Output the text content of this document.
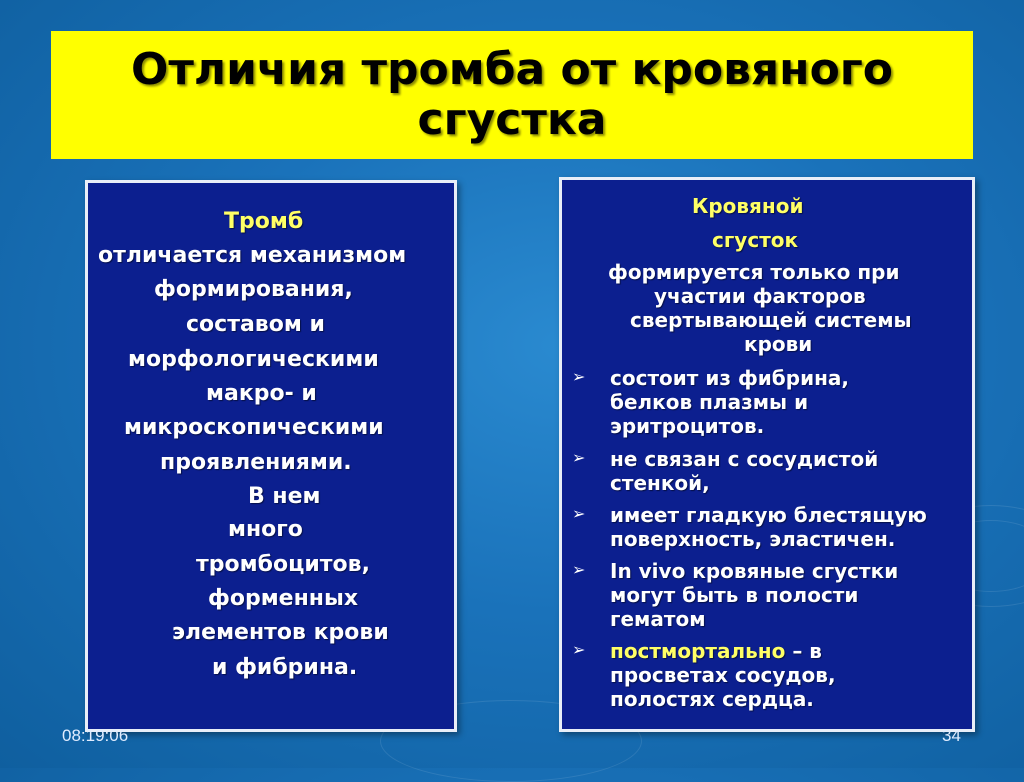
Отличия тромба от кровяного
сгустка
Тромб
отличается механизмом
формирования,
составом и
морфологическими
макро- и
микроскопическими
проявлениями.
В нем
много
тромбоцитов,
форменных
элементов крови
и фибрина.
Кровяной
сгусток
формируется только при
участии факторов
свертывающей системы
крови
➢ состоит из фибрина,
белков плазмы и
эритроцитов.
➢ не связан с сосудистой
стенкой,
➢ имеет гладкую блестящую
поверхность, эластичен.
➢ In vivo кровяные сгустки
могут быть в полости
гематом
➢ постмортально – в
просветах сосудов,
полостях сердца.
08:19:06	34
